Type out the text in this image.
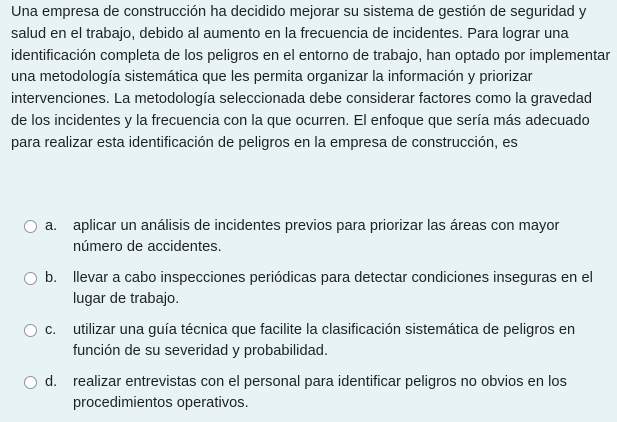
Una empresa de construcción ha decidido mejorar su sistema de gestión de seguridad y salud en el trabajo, debido al aumento en la frecuencia de incidentes. Para lograr una identificación completa de los peligros en el entorno de trabajo, han optado por implementar una metodología sistemática que les permita organizar la información y priorizar intervenciones. La metodología seleccionada debe considerar factores como la gravedad de los incidentes y la frecuencia con la que ocurren. El enfoque que sería más adecuado para realizar esta identificación de peligros en la empresa de construcción, es

a. aplicar un análisis de incidentes previos para priorizar las áreas con mayor número de accidentes.
b. llevar a cabo inspecciones periódicas para detectar condiciones inseguras en el lugar de trabajo.
c. utilizar una guía técnica que facilite la clasificación sistemática de peligros en función de su severidad y probabilidad.
d. realizar entrevistas con el personal para identificar peligros no obvios en los procedimientos operativos.
